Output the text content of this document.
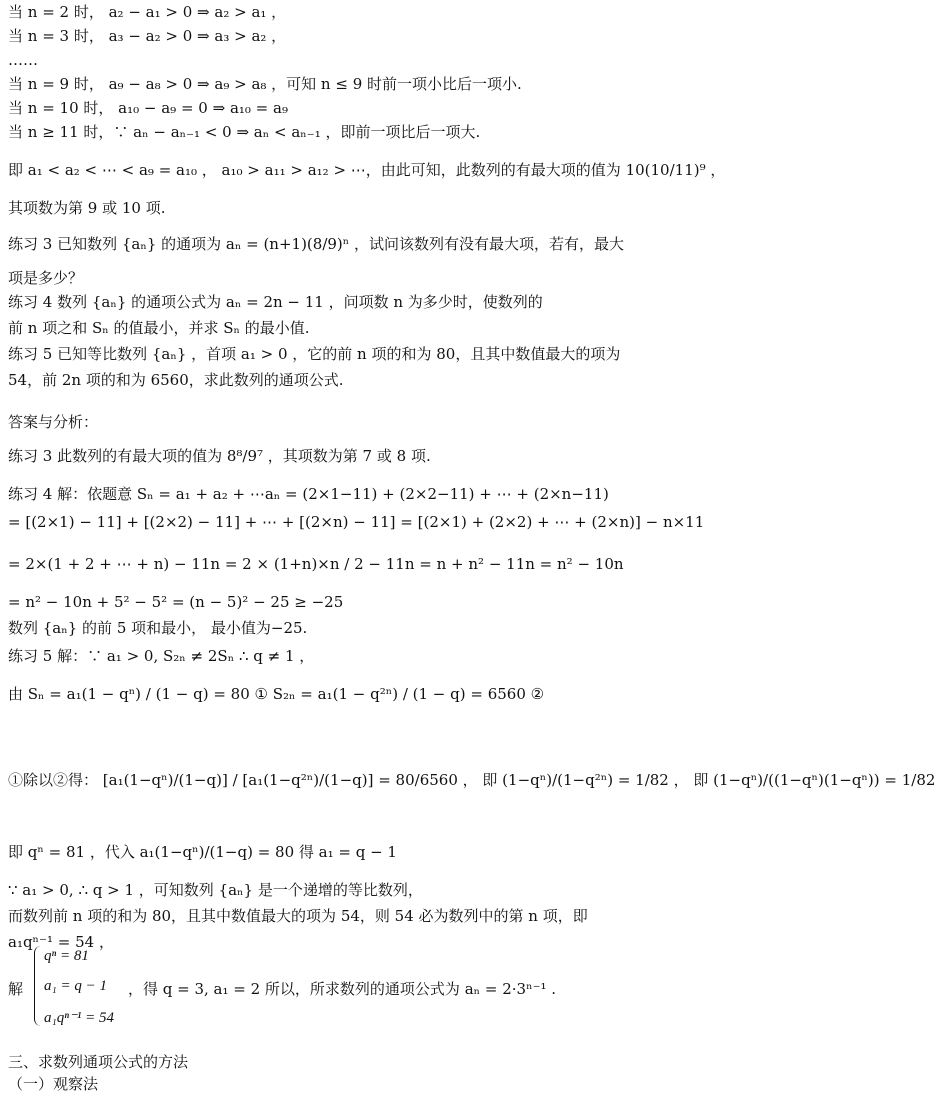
当 n = 2 时， a₂ − a₁ > 0 ⇒ a₂ > a₁ ，
当 n = 3 时， a₃ − a₂ > 0 ⇒ a₃ > a₂ ，
……
当 n = 9 时， a₉ − a₈ > 0 ⇒ a₉ > a₈ ，可知 n ≤ 9 时前一项小比后一项小.
当 n = 10 时， a₁₀ − a₉ = 0 ⇒ a₁₀ = a₉
当 n ≥ 11 时，∵ aₙ − aₙ₋₁ < 0 ⇒ aₙ < aₙ₋₁ ，即前一项比后一项大.
即 a₁ < a₂ < ⋯ < a₉ = a₁₀ ， a₁₀ > a₁₁ > a₁₂ > ⋯，由此可知，此数列的有最大项的值为 10(10/11)⁹ ，
其项数为第 9 或 10 项.
练习 3 已知数列 {aₙ} 的通项为 aₙ = (n+1)(8/9)ⁿ ，试问该数列有没有最大项，若有，最大
项是多少？
练习 4 数列 {aₙ} 的通项公式为 aₙ = 2n − 11 ，问项数 n 为多少时，使数列的
前 n 项之和 Sₙ 的值最小，并求 Sₙ 的最小值.
练习 5 已知等比数列 {aₙ} ，首项 a₁ > 0 ，它的前 n 项的和为 80，且其中数值最大的项为
54，前 2n 项的和为 6560，求此数列的通项公式.
答案与分析：
练习 3 此数列的有最大项的值为 8⁸/9⁷ ，其项数为第 7 或 8 项.
练习 4 解：依题意 Sₙ = a₁ + a₂ + ⋯aₙ = (2×1−11) + (2×2−11) + ⋯ + (2×n−11)
= [(2×1) − 11] + [(2×2) − 11] + ⋯ + [(2×n) − 11] = [(2×1) + (2×2) + ⋯ + (2×n)] − n×11
= 2×(1 + 2 + ⋯ + n) − 11n = 2 × (1+n)×n / 2 − 11n = n + n² − 11n = n² − 10n
= n² − 10n + 5² − 5² = (n − 5)² − 25 ≥ −25
数列 {aₙ} 的前 5 项和最小， 最小值为−25.
练习 5 解：∵ a₁ > 0, S₂ₙ ≠ 2Sₙ ∴ q ≠ 1 ，
由 Sₙ = a₁(1 − qⁿ) / (1 − q) = 80 ① S₂ₙ = a₁(1 − q²ⁿ) / (1 − q) = 6560 ②
①除以②得： [a₁(1−qⁿ)/(1−q)] / [a₁(1−q²ⁿ)/(1−q)] = 80/6560 ， 即 (1−qⁿ)/(1−q²ⁿ) = 1/82 ， 即 (1−qⁿ)/((1−qⁿ)(1−qⁿ)) = 1/82
即 qⁿ = 81 ，代入 a₁(1−qⁿ)/(1−q) = 80 得 a₁ = q − 1
∵ a₁ > 0, ∴ q > 1 ，可知数列 {aₙ} 是一个递增的等比数列，
而数列前 n 项的和为 80，且其中数值最大的项为 54，则 54 必为数列中的第 n 项，即
a₁qⁿ⁻¹ = 54 ，
解
qⁿ = 81
a₁ = q − 1
a₁qⁿ⁻¹ = 54
，得 q = 3, a₁ = 2 所以，所求数列的通项公式为 aₙ = 2·3ⁿ⁻¹ .
三、求数列通项公式的方法
（一）观察法
